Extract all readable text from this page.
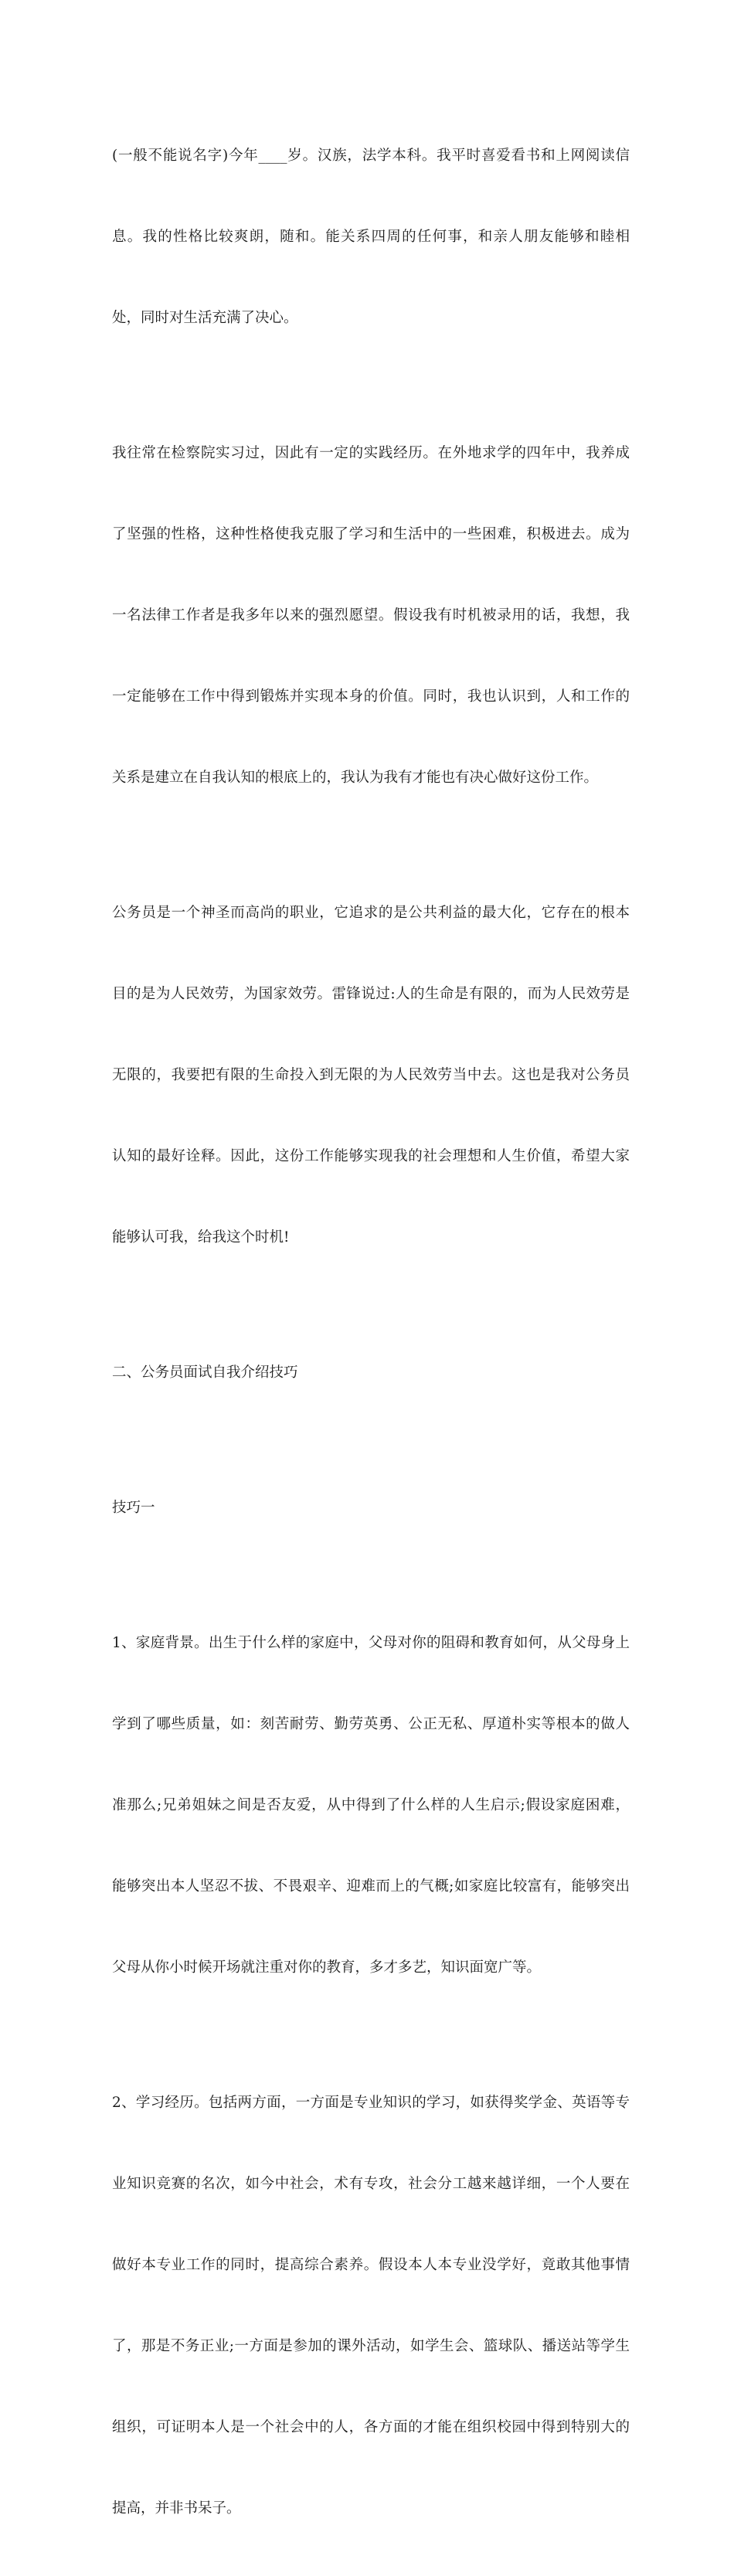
(一般不能说名字)今年____岁。汉族，法学本科。我平时喜爱看书和上网阅读信

息。我的性格比较爽朗，随和。能关系四周的任何事，和亲人朋友能够和睦相

处，同时对生活充满了决心。

我往常在检察院实习过，因此有一定的实践经历。在外地求学的四年中，我养成

了坚强的性格，这种性格使我克服了学习和生活中的一些困难，积极进去。成为

一名法律工作者是我多年以来的强烈愿望。假设我有时机被录用的话，我想，我

一定能够在工作中得到锻炼并实现本身的价值。同时，我也认识到，人和工作的

关系是建立在自我认知的根底上的，我认为我有才能也有决心做好这份工作。

公务员是一个神圣而高尚的职业，它追求的是公共利益的最大化，它存在的根本

目的是为人民效劳，为国家效劳。雷锋说过:人的生命是有限的，而为人民效劳是

无限的，我要把有限的生命投入到无限的为人民效劳当中去。这也是我对公务员

认知的最好诠释。因此，这份工作能够实现我的社会理想和人生价值，希望大家

能够认可我，给我这个时机!

二、公务员面试自我介绍技巧

技巧一

1、家庭背景。出生于什么样的家庭中，父母对你的阻碍和教育如何，从父母身上

学到了哪些质量，如：刻苦耐劳、勤劳英勇、公正无私、厚道朴实等根本的做人

准那么;兄弟姐妹之间是否友爱，从中得到了什么样的人生启示;假设家庭困难，

能够突出本人坚忍不拔、不畏艰辛、迎难而上的气概;如家庭比较富有，能够突出

父母从你小时候开场就注重对你的教育，多才多艺，知识面宽广等。

2、学习经历。包括两方面，一方面是专业知识的学习，如获得奖学金、英语等专

业知识竞赛的名次，如今中社会，术有专攻，社会分工越来越详细，一个人要在

做好本专业工作的同时，提高综合素养。假设本人本专业没学好，竟敢其他事情

了，那是不务正业;一方面是参加的课外活动，如学生会、篮球队、播送站等学生

组织，可证明本人是一个社会中的人，各方面的才能在组织校园中得到特别大的

提高，并非书呆子。
